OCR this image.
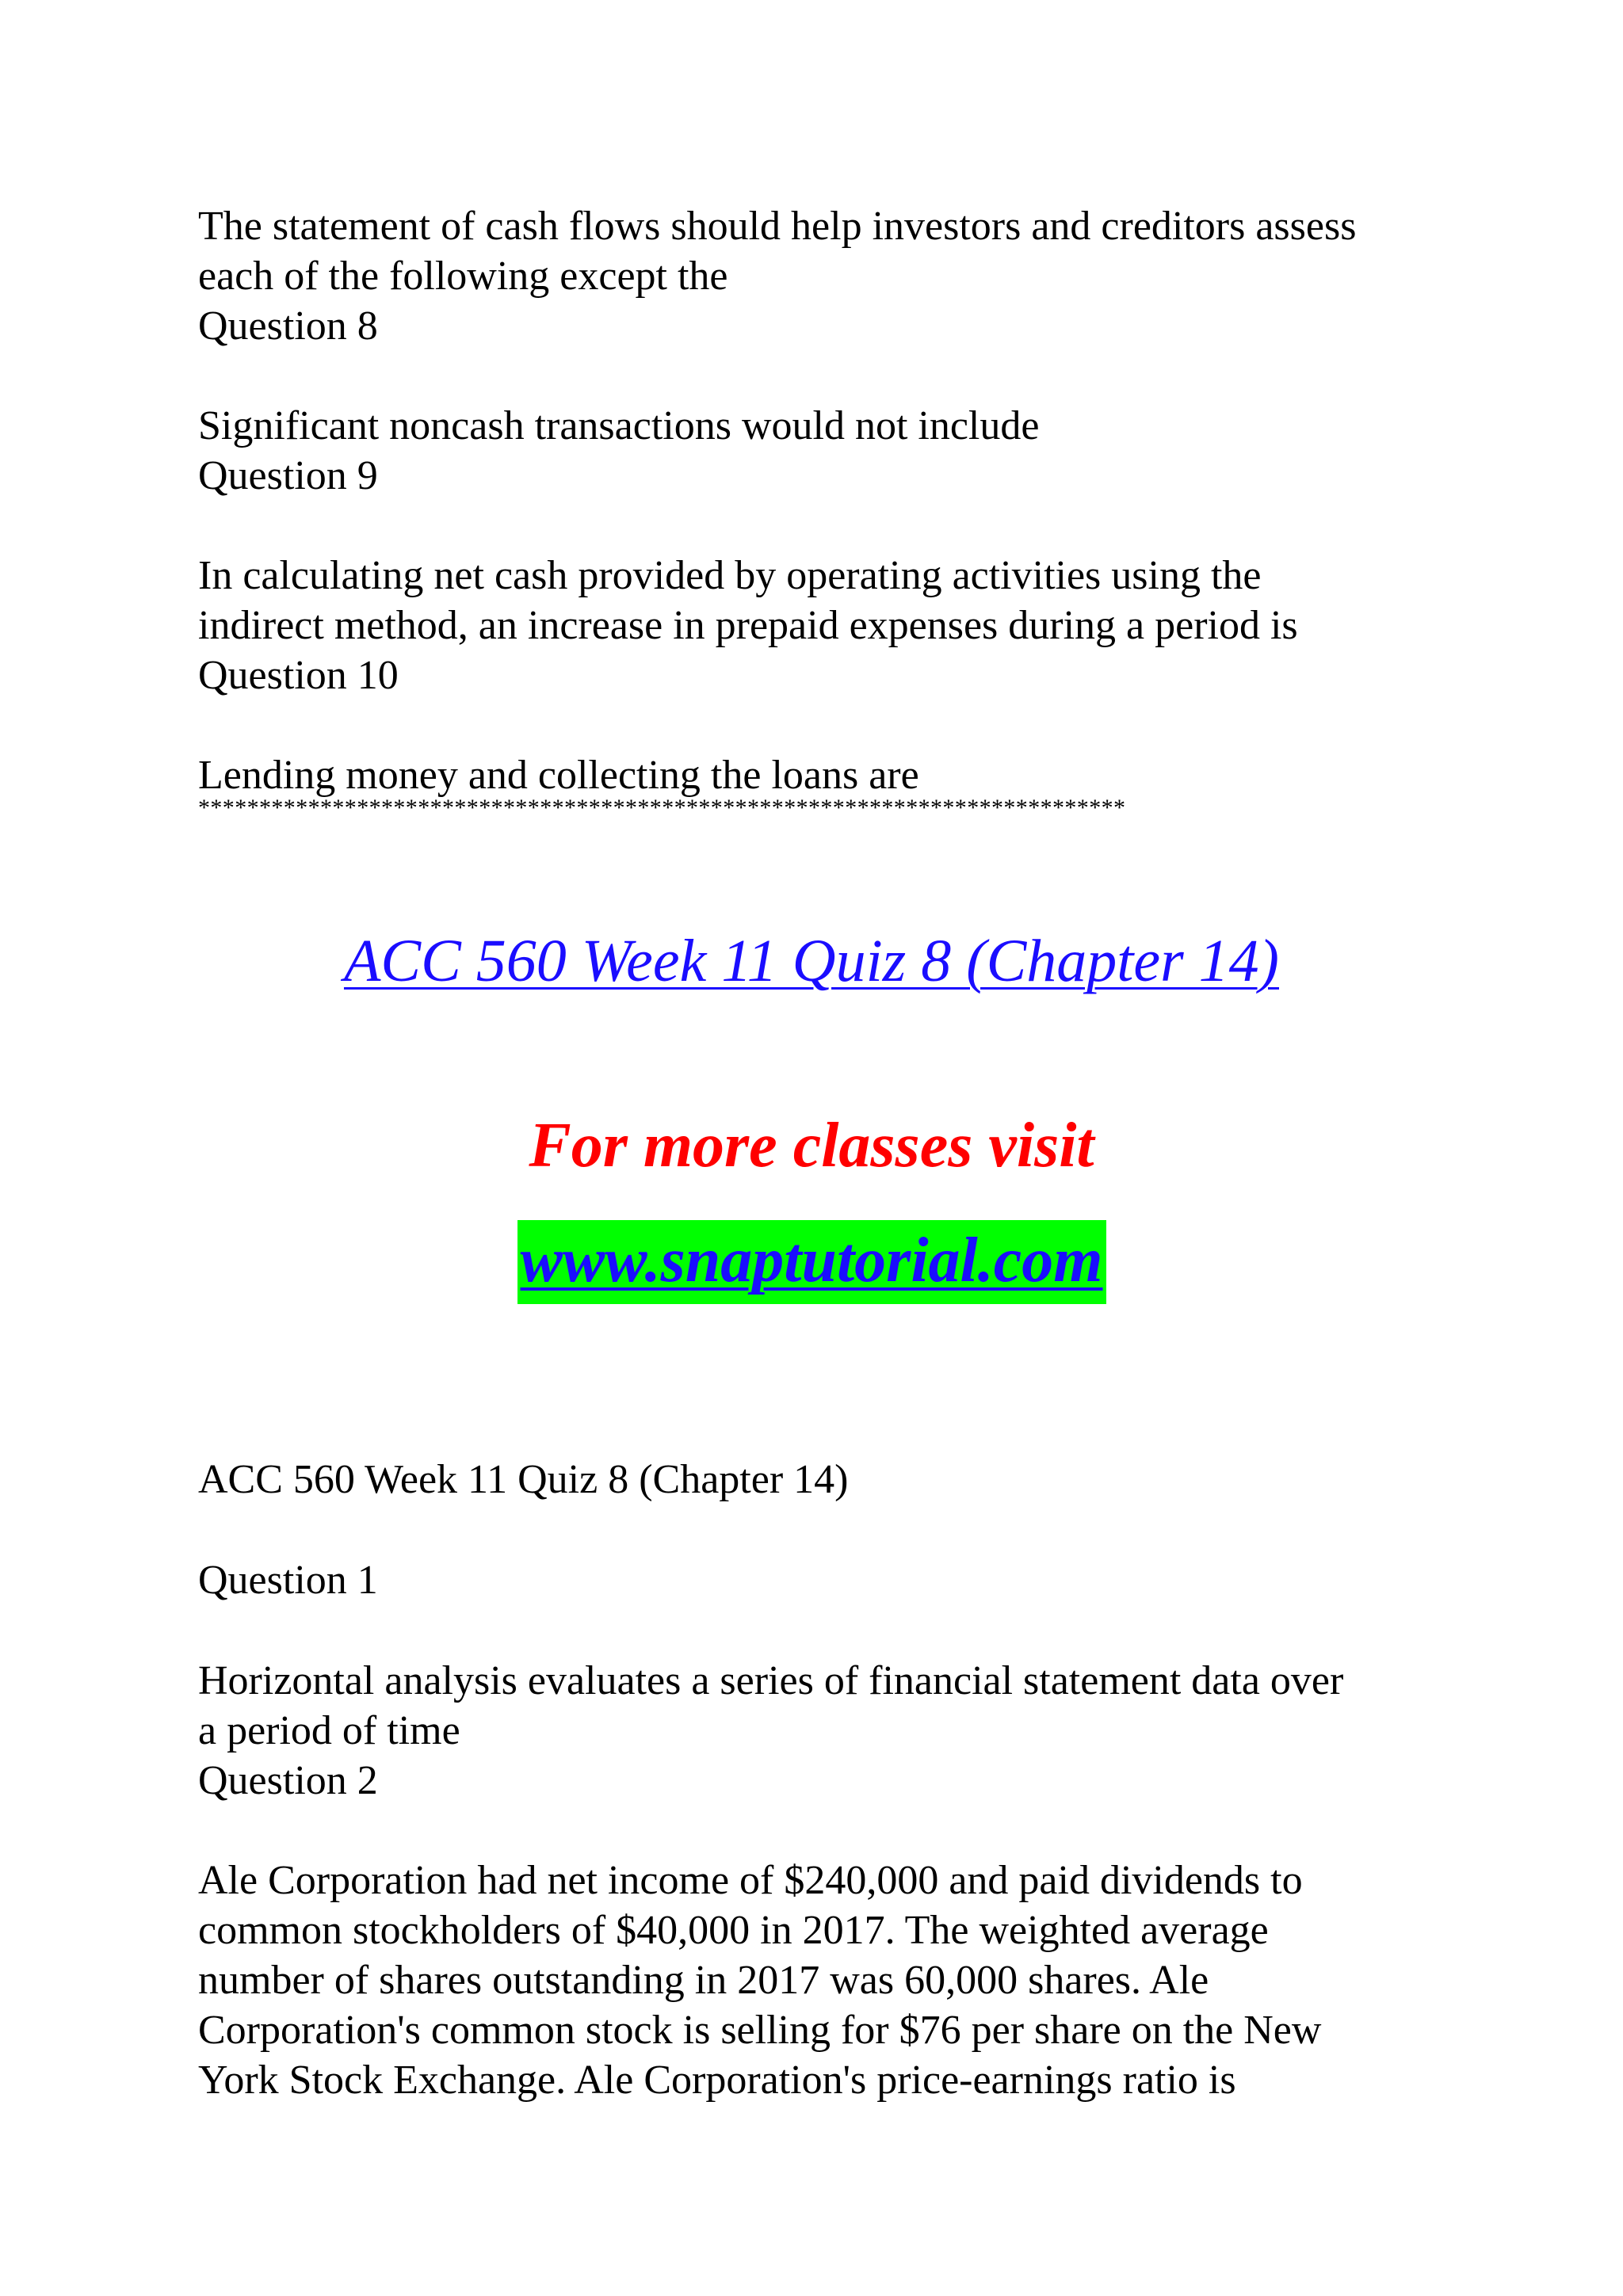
The statement of cash flows should help investors and creditors assess
each of the following except the
Question 8
Significant noncash transactions would not include
Question 9
In calculating net cash provided by operating activities using the
indirect method, an increase in prepaid expenses during a period is
Question 10
Lending money and collecting the loans are
****************************************************************************
ACC 560 Week 11 Quiz 8 (Chapter 14)
For more classes visit
www.snaptutorial.com
ACC 560 Week 11 Quiz 8 (Chapter 14)
Question 1
Horizontal analysis evaluates a series of financial statement data over
a period of time
Question 2
Ale Corporation had net income of $240,000 and paid dividends to
common stockholders of $40,000 in 2017. The weighted average
number of shares outstanding in 2017 was 60,000 shares. Ale
Corporation's common stock is selling for $76 per share on the New
York Stock Exchange. Ale Corporation's price-earnings ratio is
